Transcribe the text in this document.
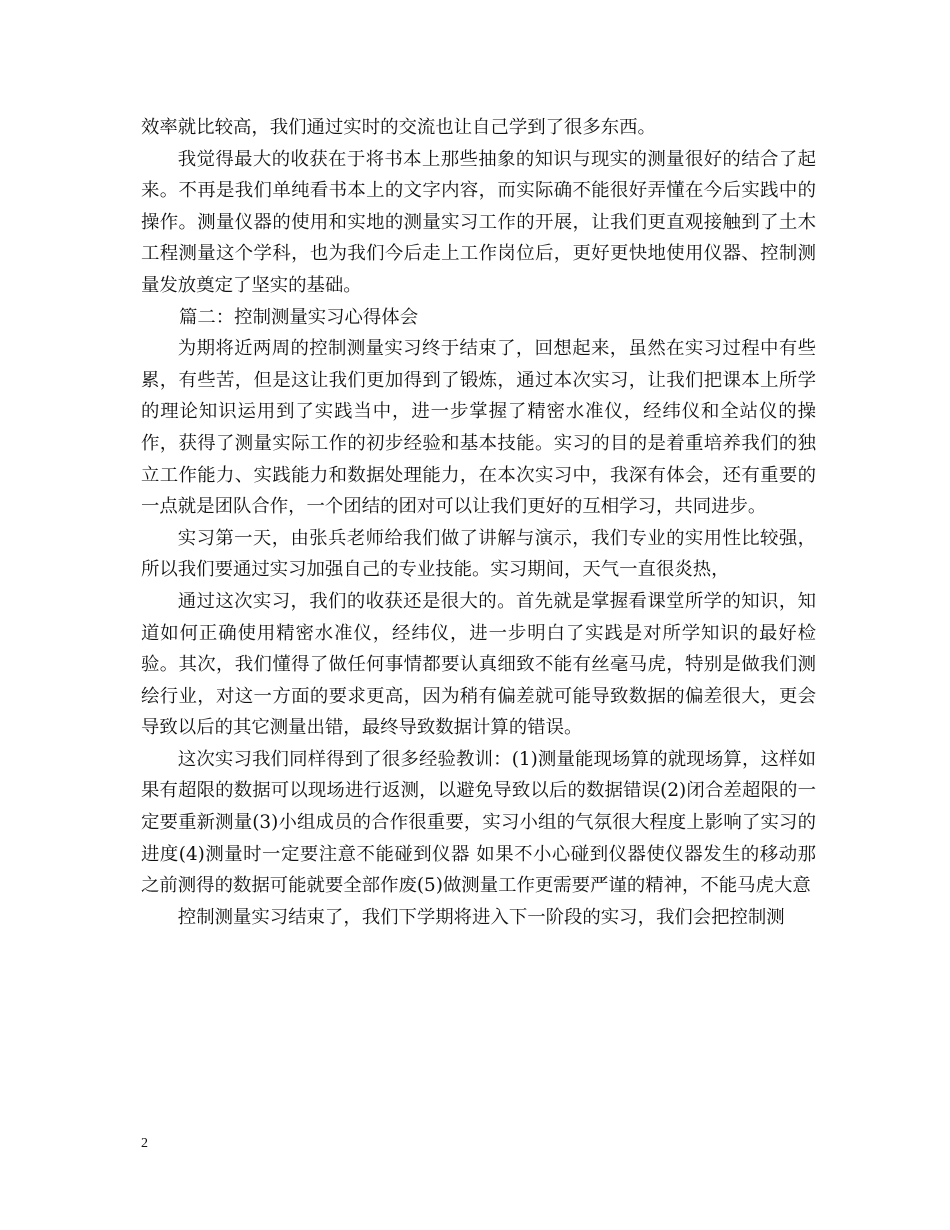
效率就比较高，我们通过实时的交流也让自己学到了很多东西。

我觉得最大的收获在于将书本上那些抽象的知识与现实的测量很好的结合了起来。不再是我们单纯看书本上的文字内容，而实际确不能很好弄懂在今后实践中的操作。测量仪器的使用和实地的测量实习工作的开展，让我们更直观接触到了土木工程测量这个学科，也为我们今后走上工作岗位后，更好更快地使用仪器、控制测量发放奠定了坚实的基础。

篇二：控制测量实习心得体会

为期将近两周的控制测量实习终于结束了，回想起来，虽然在实习过程中有些累，有些苦，但是这让我们更加得到了锻炼，通过本次实习，让我们把课本上所学的理论知识运用到了实践当中，进一步掌握了精密水准仪，经纬仪和全站仪的操作，获得了测量实际工作的初步经验和基本技能。实习的目的是着重培养我们的独立工作能力、实践能力和数据处理能力，在本次实习中，我深有体会，还有重要的一点就是团队合作，一个团结的团对可以让我们更好的互相学习，共同进步。

实习第一天，由张兵老师给我们做了讲解与演示，我们专业的实用性比较强，所以我们要通过实习加强自己的专业技能。实习期间，天气一直很炎热，

通过这次实习，我们的收获还是很大的。首先就是掌握看课堂所学的知识，知道如何正确使用精密水准仪，经纬仪，进一步明白了实践是对所学知识的最好检验。其次，我们懂得了做任何事情都要认真细致不能有丝毫马虎，特别是做我们测绘行业，对这一方面的要求更高，因为稍有偏差就可能导致数据的偏差很大，更会导致以后的其它测量出错，最终导致数据计算的错误。

这次实习我们同样得到了很多经验教训：(1)测量能现场算的就现场算，这样如果有超限的数据可以现场进行返测，以避免导致以后的数据错误(2)闭合差超限的一定要重新测量(3)小组成员的合作很重要，实习小组的气氛很大程度上影响了实习的进度(4)测量时一定要注意不能碰到仪器 如果不小心碰到仪器使仪器发生的移动那之前测得的数据可能就要全部作废(5)做测量工作更需要严谨的精神，不能马虎大意

控制测量实习结束了，我们下学期将进入下一阶段的实习，我们会把控制测

2
